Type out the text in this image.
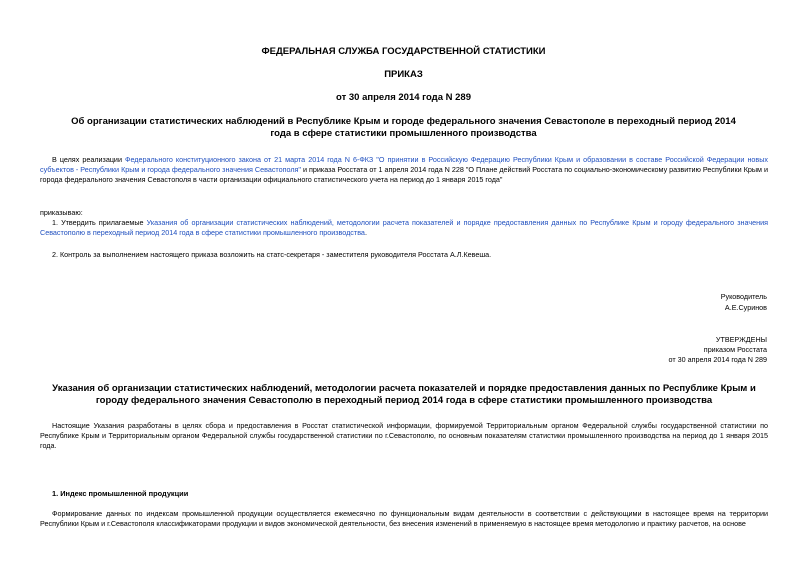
ФЕДЕРАЛЬНАЯ СЛУЖБА ГОСУДАРСТВЕННОЙ СТАТИСТИКИ
ПРИКАЗ
от 30 апреля 2014 года N 289
Об организации статистических наблюдений в Республике Крым и городе федерального значения Севастополе в переходный период 2014 года в сфере статистики промышленного производства
В целях реализации Федерального конституционного закона от 21 марта 2014 года N 6-ФКЗ "О принятии в Российскую Федерацию Республики Крым и образовании в составе Российской Федерации новых субъектов - Республики Крым и города федерального значения Севастополя" и приказа Росстата от 1 апреля 2014 года N 228 "О Плане действий Росстата по социально-экономическому развитию Республики Крым и города федерального значения Севастополя в части организации официального статистического учета на период до 1 января 2015 года"
приказываю:
1. Утвердить прилагаемые Указания об организации статистических наблюдений, методологии расчета показателей и порядке предоставления данных по Республике Крым и городу федерального значения Севастополю в переходный период 2014 года в сфере статистики промышленного производства.
2. Контроль за выполнением настоящего приказа возложить на статс-секретаря - заместителя руководителя Росстата А.Л.Кевеша.
Руководитель
А.Е.Суринов
УТВЕРЖДЕНЫ
приказом Росстата
от 30 апреля 2014 года N 289
Указания об организации статистических наблюдений, методологии расчета показателей и порядке предоставления данных по Республике Крым и городу федерального значения Севастополю в переходный период 2014 года в сфере статистики промышленного производства
Настоящие Указания разработаны в целях сбора и предоставления в Росстат статистической информации, формируемой Территориальным органом Федеральной службы государственной статистики по Республике Крым и Территориальным органом Федеральной службы государственной статистики по г.Севастополю, по основным показателям статистики промышленного производства на период до 1 января 2015 года.
1. Индекс промышленной продукции
Формирование данных по индексам промышленной продукции осуществляется ежемесячно по функциональным видам деятельности в соответствии с действующими в настоящее время на территории Республики Крым и г.Севастополя классификаторами продукции и видов экономической деятельности, без внесения изменений в применяемую в настоящее время методологию и практику расчетов, на основе
